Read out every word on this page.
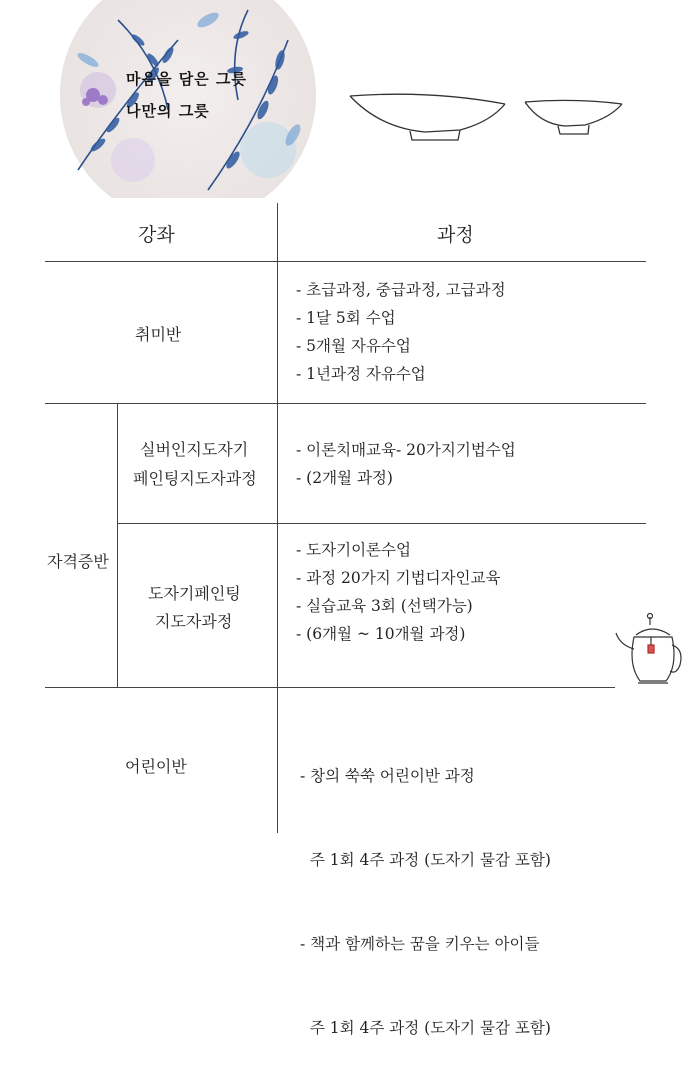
마음을 담은 그릇
나만의 그릇
강좌	과정
취미반
- 초급과정, 중급과정, 고급과정
- 1달 5회 수업
- 5개월 자유수업
- 1년과정 자유수업
자격증반
실버인지도자기
페인팅지도자과정
- 이론치매교육- 20가지기법수업
- (2개월 과정)
도자기페인팅
지도자과정
- 도자기이론수업
- 과정 20가지 기법디자인교육
- 실습교육 3회 (선택가능)
- (6개월 ~ 10개월 과정)
어린이반

	- 창의 쑥쑥 어린이반 과정

주 1회 4주 과정 (도자기 물감 포함)

- 책과 함께하는 꿈을 키우는 아이들

주 1회 4주 과정 (도자기 물감 포함)
